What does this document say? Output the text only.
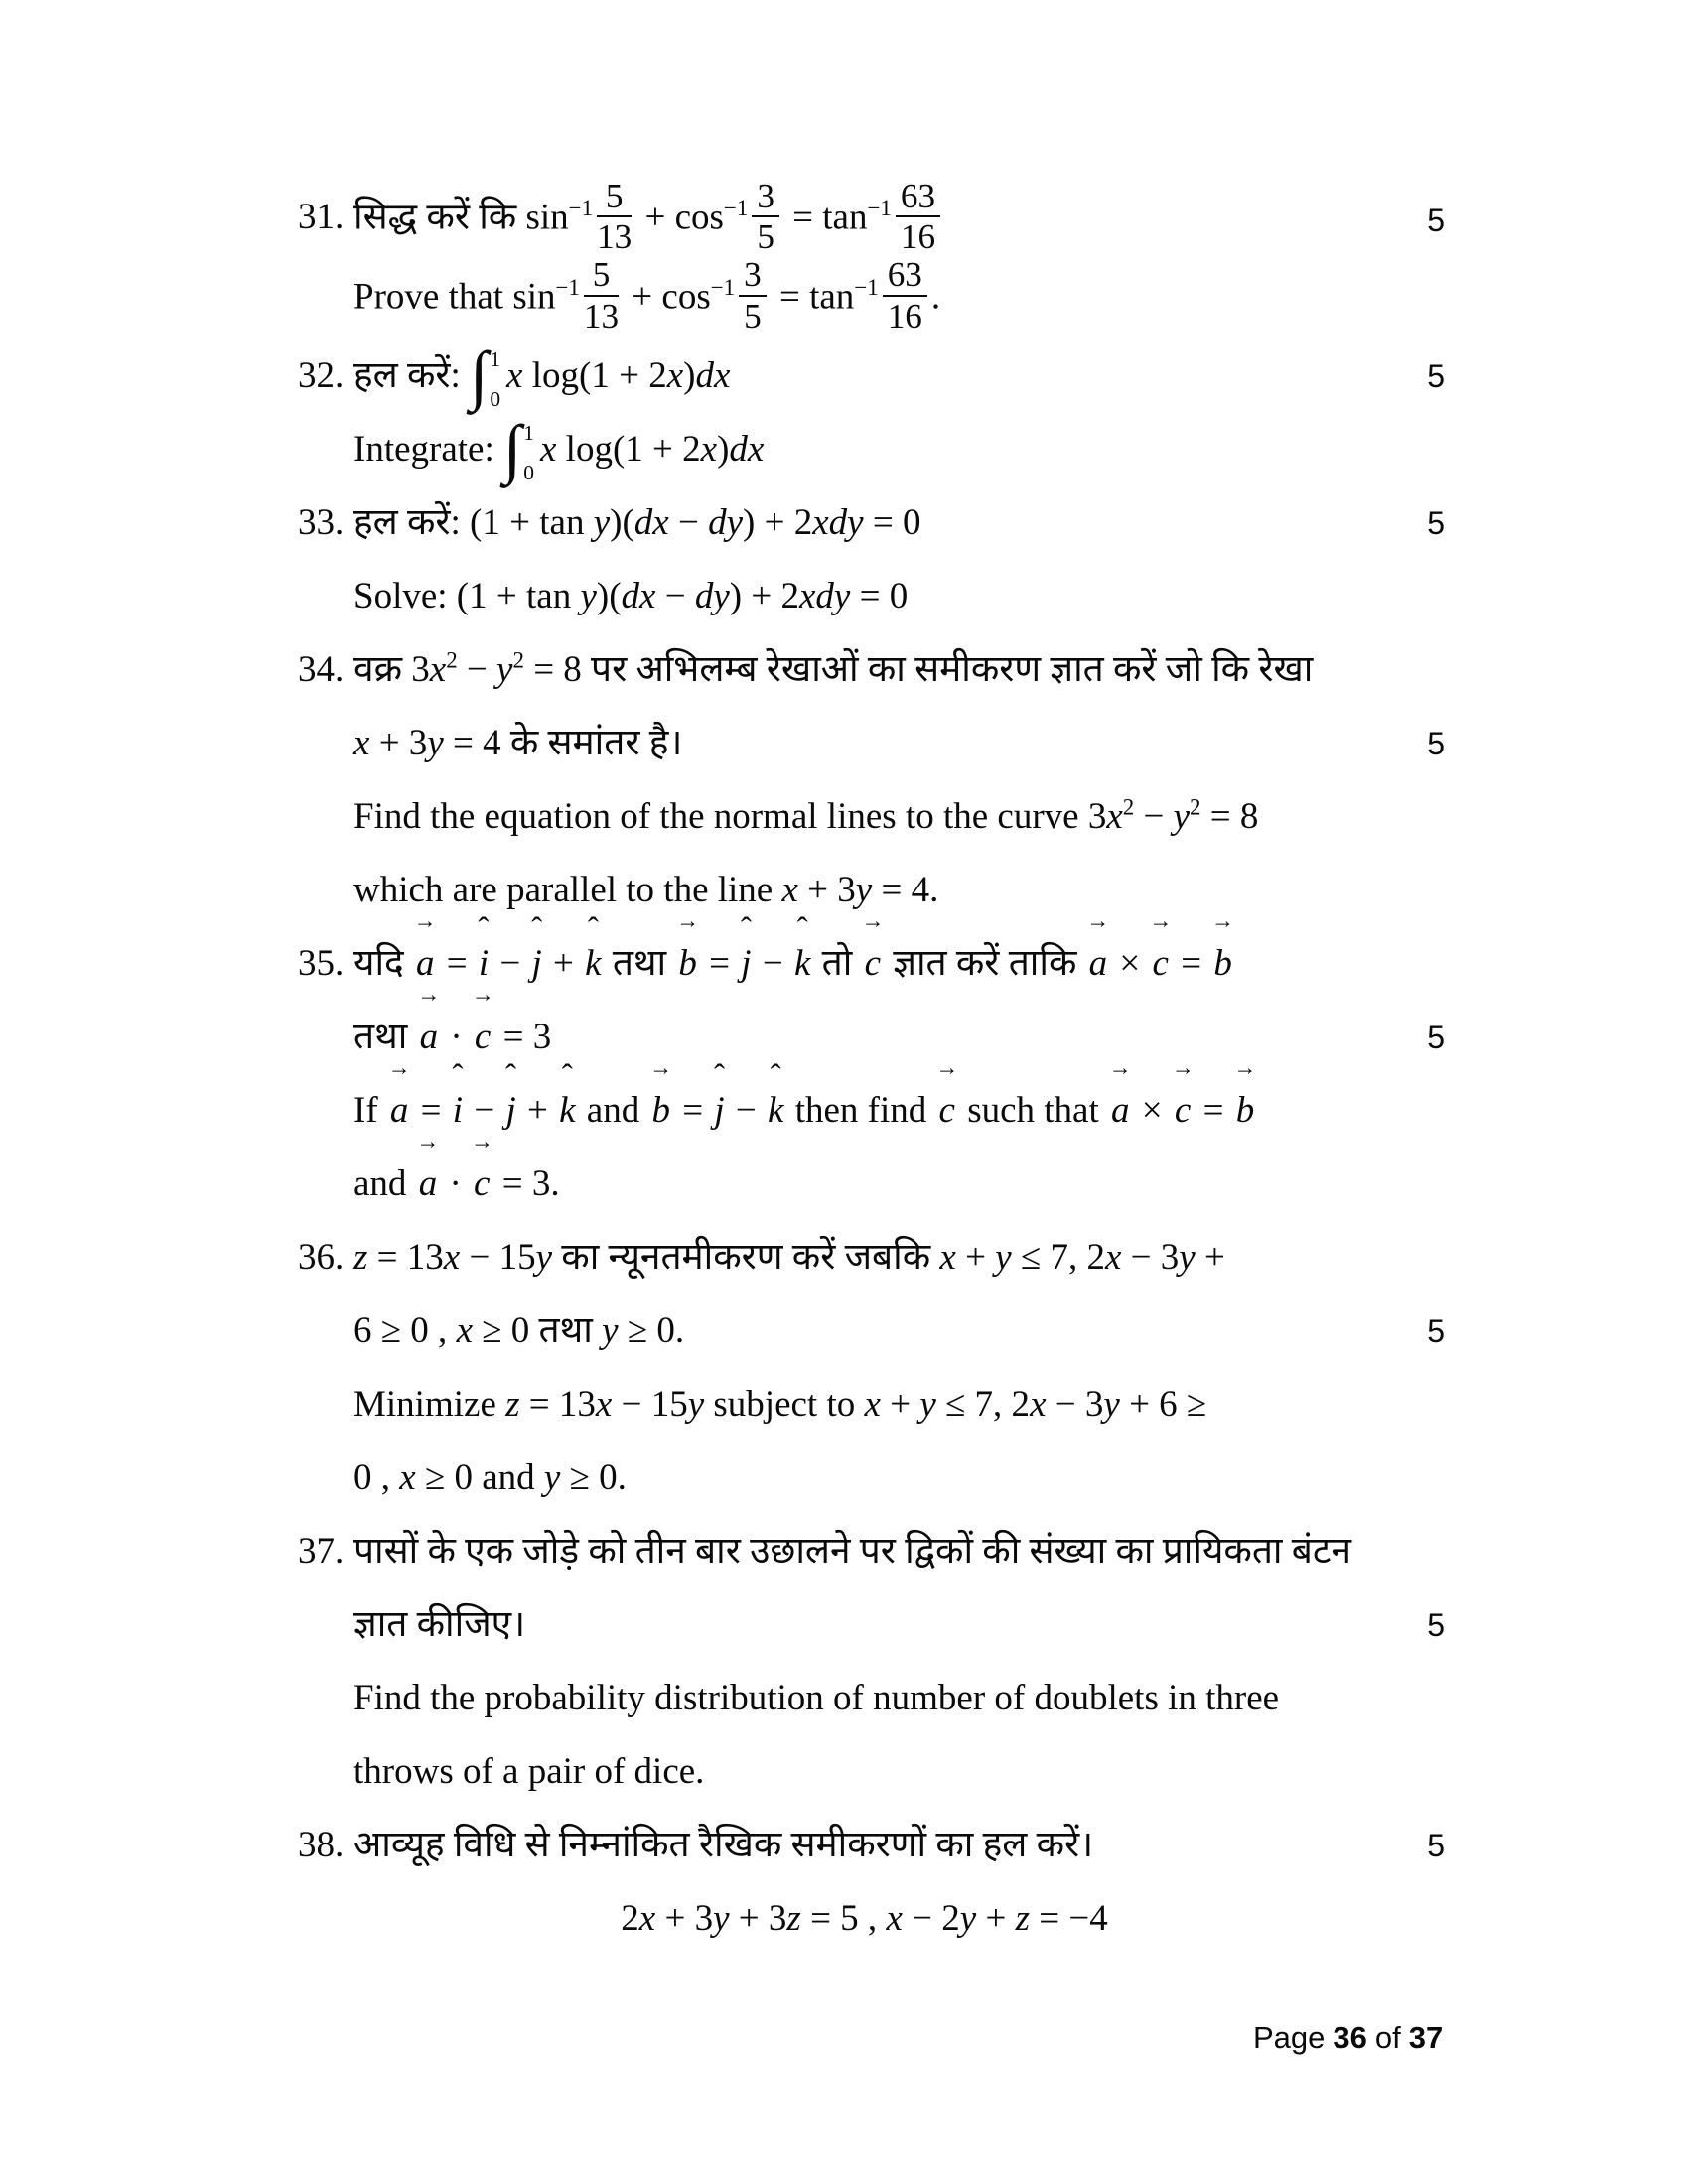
31. सिद्ध करें कि $\sin^{-1} \frac{5}{13} + \cos^{-1} \frac{3}{5} = \tan^{-1} \frac{63}{16}$	5
Prove that $\sin^{-1} \frac{5}{13} + \cos^{-1} \frac{3}{5} = \tan^{-1} \frac{63}{16}$ .
32. हल करें: ∫ 1
0
x log(1 + 2x)dx	5
Integrate: ∫ 1
0
x log(1 + 2x)dx
33. हल करें: (1 + tan y)(dx − dy) + 2xdy = 0	5
Solve: (1 + tan y)(dx − dy) + 2xdy = 0
34. वक्र $3x^2 - y^2 = 8$ पर अभिलम्ब रेखाओं का समीकरण ज्ञात करें जो कि रेखा
x + 3y = 4 के समांतर है।	5
Find the equation of the normal lines to the curve $3x^2 - y^2 = 8$
which are parallel to the line x + 3y = 4.
35. यदि → a = ˆ i − ˆ j + ˆ k तथा → b = ˆ j − ˆ k तो → c ज्ञात करें ताकि → a × → c = → b
तथा → a · → c = 3	5
If → a = ˆ i − ˆ j + ˆ k and → b = ˆ j − ˆ k then find → c such that → a × → c = → b
and → a · → c = 3.
36. z = 13x − 15y का न्यूनतमीकरण करें जबकि x + y ≤ 7, 2x − 3y +
6 ≥ 0 , x ≥ 0 तथा y ≥ 0.	5
Minimize z = 13x − 15y subject to x + y ≤ 7, 2x − 3y + 6 ≥
0 , x ≥ 0 and y ≥ 0.
37. पासों के एक जोड़े को तीन बार उछालने पर द्विकों की संख्या का प्रायिकता बंटन
ज्ञात कीजिए।	5
Find the probability distribution of number of doublets in three
throws of a pair of dice.
38. आव्यूह विधि से निम्नांकित रैखिक समीकरणों का हल करें।	5
2x + 3y + 3z = 5 , x − 2y + z = −4
Page 36 of 37
